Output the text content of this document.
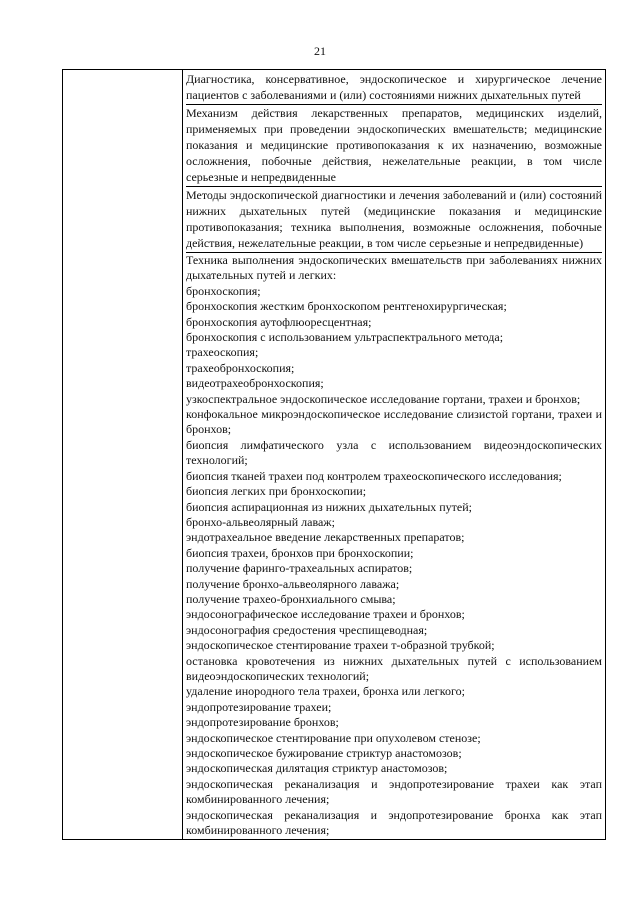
21

Диагностика, консервативное, эндоскопическое и хирургическое лечение пациентов с заболеваниями и (или) состояниями нижних дыхательных путей
Механизм действия лекарственных препаратов, медицинских изделий, применяемых при проведении эндоскопических вмешательств; медицинские показания и медицинские противопоказания к их назначению, возможные осложнения, побочные действия, нежелательные реакции, в том числе серьезные и непредвиденные
Методы эндоскопической диагностики и лечения заболеваний и (или) состояний нижних дыхательных путей (медицинские показания и медицинские противопоказания; техника выполнения, возможные осложнения, побочные действия, нежелательные реакции, в том числе серьезные и непредвиденные)
Техника выполнения эндоскопических вмешательств при заболеваниях нижних дыхательных путей и легких:
бронхоскопия;
бронхоскопия жестким бронхоскопом рентгенохирургическая;
бронхоскопия аутофлюоресцентная;
бронхоскопия с использованием ультраспектрального метода;
трахеоскопия;
трахеобронхоскопия;
видеотрахеобронхоскопия;
узкоспектральное эндоскопическое исследование гортани, трахеи и бронхов;
конфокальное микроэндоскопическое исследование слизистой гортани, трахеи и бронхов;
биопсия лимфатического узла с использованием видеоэндоскопических технологий;
биопсия тканей трахеи под контролем трахеоскопического исследования;
биопсия легких при бронхоскопии;
биопсия аспирационная из нижних дыхательных путей;
бронхо-альвеолярный лаваж;
эндотрахеальное введение лекарственных препаратов;
биопсия трахеи, бронхов при бронхоскопии;
получение фаринго-трахеальных аспиратов;
получение бронхо-альвеолярного лаважа;
получение трахео-бронхиального смыва;
эндосонографическое исследование трахеи и бронхов;
эндосонография средостения чреспищеводная;
эндоскопическое стентирование трахеи т-образной трубкой;
остановка кровотечения из нижних дыхательных путей с использованием видеоэндоскопических технологий;
удаление инородного тела трахеи, бронха или легкого;
эндопротезирование трахеи;
эндопротезирование бронхов;
эндоскопическое стентирование при опухолевом стенозе;
эндоскопическое бужирование стриктур анастомозов;
эндоскопическая дилятация стриктур анастомозов;
эндоскопическая реканализация и эндопротезирование трахеи как этап комбинированного лечения;
эндоскопическая реканализация и эндопротезирование бронха как этап комбинированного лечения;
